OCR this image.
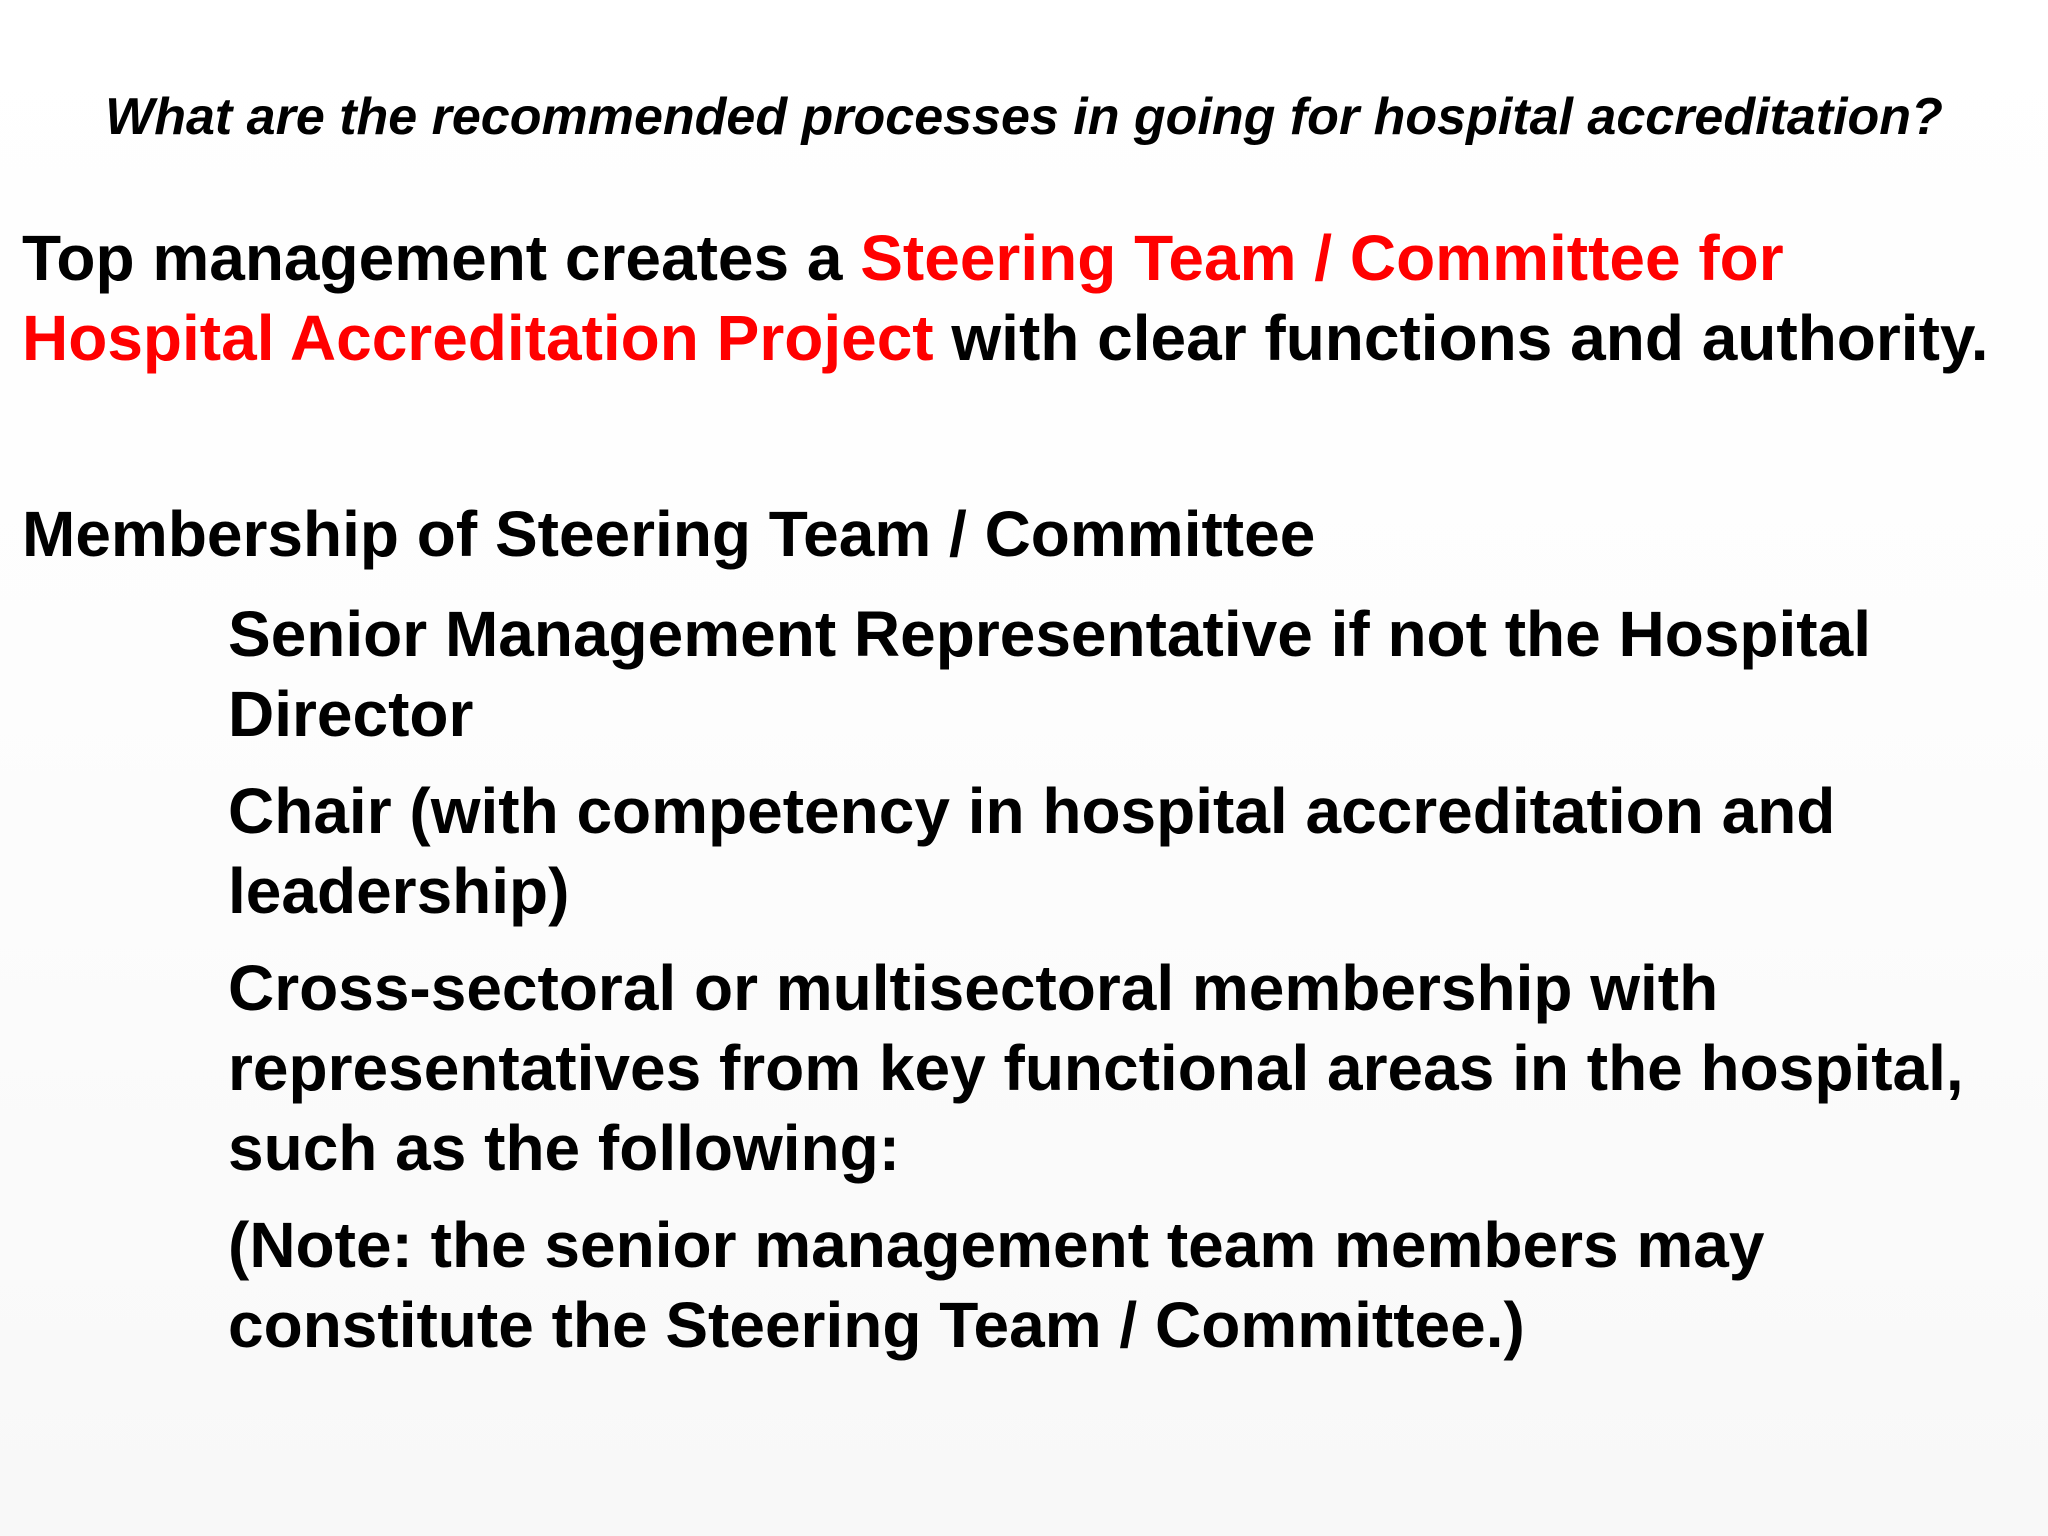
What are the recommended processes in going for hospital accreditation?
Top management creates a Steering Team / Committee for
Hospital Accreditation Project with clear functions and authority.
Membership of Steering Team / Committee
Senior Management Representative if not the Hospital
Director
Chair (with competency in hospital accreditation and
leadership)
Cross-sectoral or multisectoral membership with
representatives from key functional areas in the hospital,
such as the following:
(Note: the senior management team members may
constitute the Steering Team / Committee.)
